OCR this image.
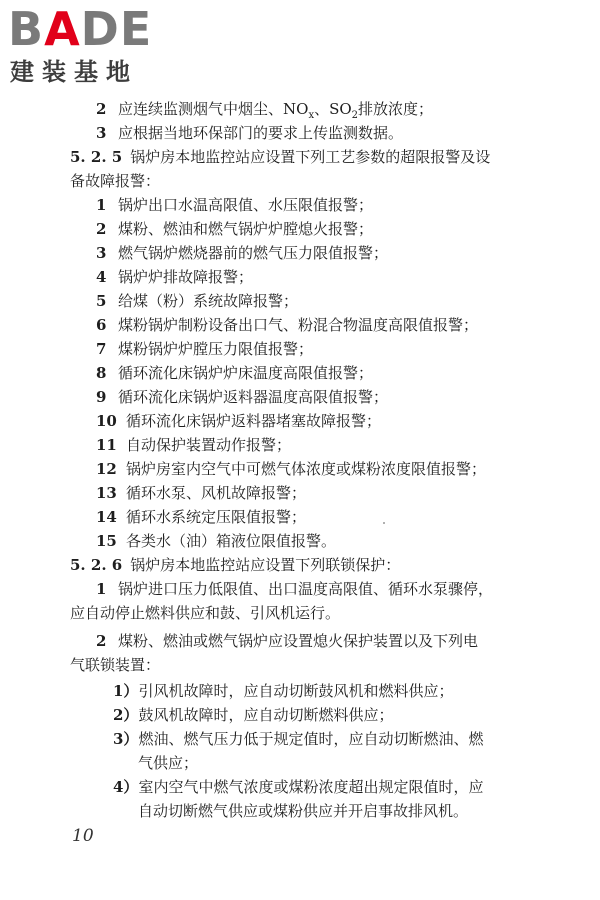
BADE
建装基地
2 应连续监测烟气中烟尘、$NO_x$、$SO_2$排放浓度；
3 应根据当地环保部门的要求上传监测数据。
5. 2. 5 锅炉房本地监控站应设置下列工艺参数的超限报警及设
备故障报警：
1 锅炉出口水温高限值、水压限值报警；
2 煤粉、燃油和燃气锅炉炉膛熄火报警；
3 燃气锅炉燃烧器前的燃气压力限值报警；
4 锅炉炉排故障报警；
5 给煤（粉）系统故障报警；
6 煤粉锅炉制粉设备出口气、粉混合物温度高限值报警；
7 煤粉锅炉炉膛压力限值报警；
8 循环流化床锅炉炉床温度高限值报警；
9 循环流化床锅炉返料器温度高限值报警；
10 循环流化床锅炉返料器堵塞故障报警；
11 自动保护装置动作报警；
12 锅炉房室内空气中可燃气体浓度或煤粉浓度限值报警；
13 循环水泵、风机故障报警；
14 循环水系统定压限值报警；
15 各类水（油）箱液位限值报警。
5. 2. 6 锅炉房本地监控站应设置下列联锁保护：
1 锅炉进口压力低限值、出口温度高限值、循环水泵骤停，
应自动停止燃料供应和鼓、引风机运行。
2 煤粉、燃油或燃气锅炉应设置熄火保护装置以及下列电
气联锁装置：
1）引风机故障时，应自动切断鼓风机和燃料供应；
2）鼓风机故障时，应自动切断燃料供应；
3）燃油、燃气压力低于规定值时，应自动切断燃油、燃
气供应；
4）室内空气中燃气浓度或煤粉浓度超出规定限值时，应
自动切断燃气供应或煤粉供应并开启事故排风机。
10
